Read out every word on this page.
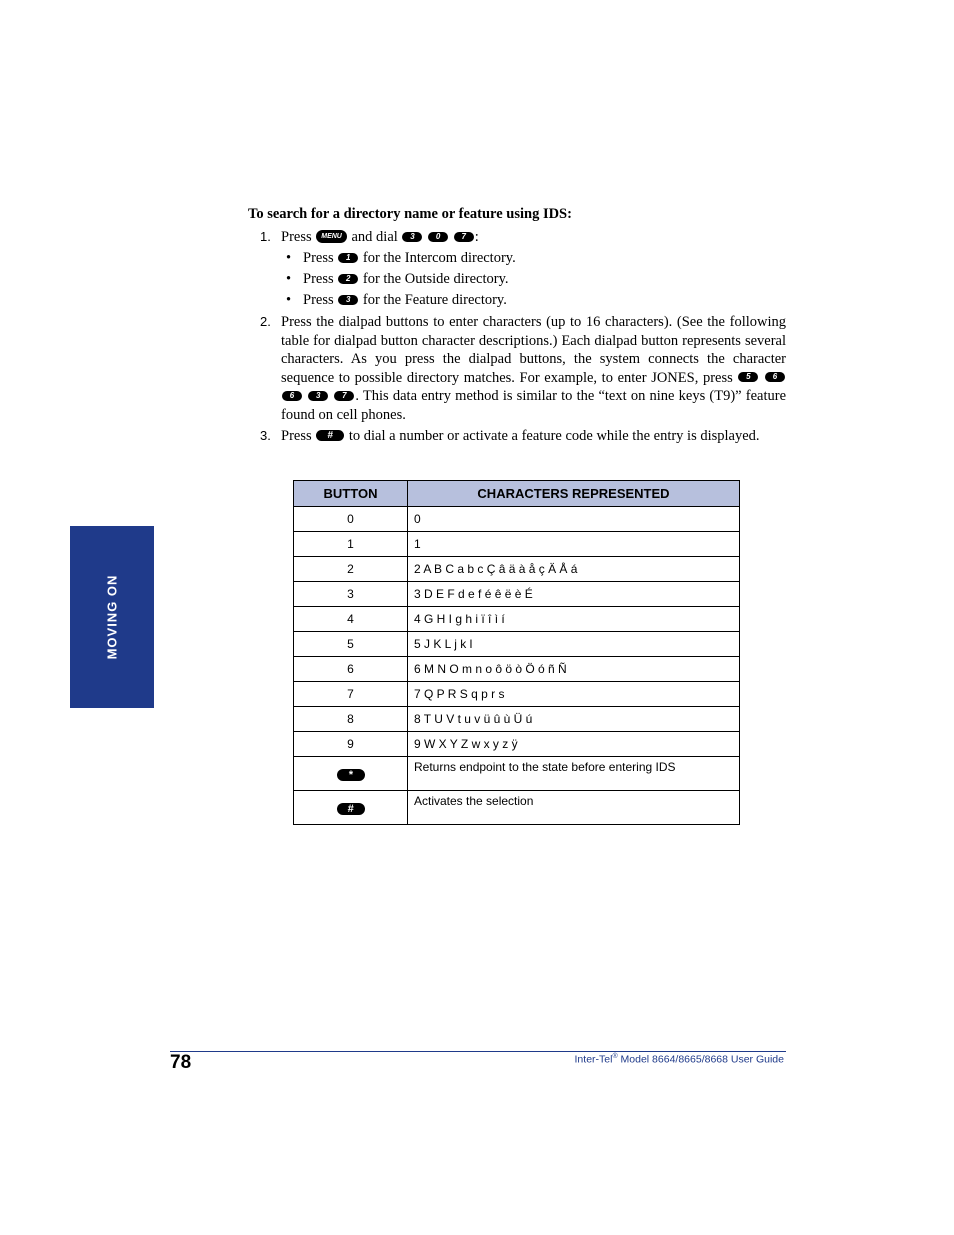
MOVING ON
To search for a directory name or feature using IDS:
1. Press MENU and dial 3	0	7 :
• Press 1 for the Intercom directory.
• Press 2 for the Outside directory.
• Press 3 for the Feature directory.
2. Press the dialpad buttons to enter characters (up to 16 characters). (See the following table for dialpad button character descriptions.) Each dialpad button represents several characters. As you press the dialpad buttons, the system connects the character sequence to possible directory matches. For example, to enter JONES, press 5	6 6	3	7 . This data entry method is similar to the “text on nine keys (T9)” feature found on cell phones.
3. Press # to dial a number or activate a feature code while the entry is displayed.
BUTTON	CHARACTERS REPRESENTED
0	0
1	1
2	2 A B C a b c Ç â ä à å ç Ä Å á
3	3 D E F d e f é ê ë è É
4	4 G H I g h i ï î ì í
5	5 J K L j k l
6	6 M N O m n o ô ö ò Ö ó ñ Ñ
7	7 Q P R S q p r s
8	8 T U V t u v ü û ù Ü ú
9	9 W X Y Z w x y z ÿ
*	Returns endpoint to the state before entering IDS
#	Activates the selection
78	Inter-Tel® Model 8664/8665/8668 User Guide
